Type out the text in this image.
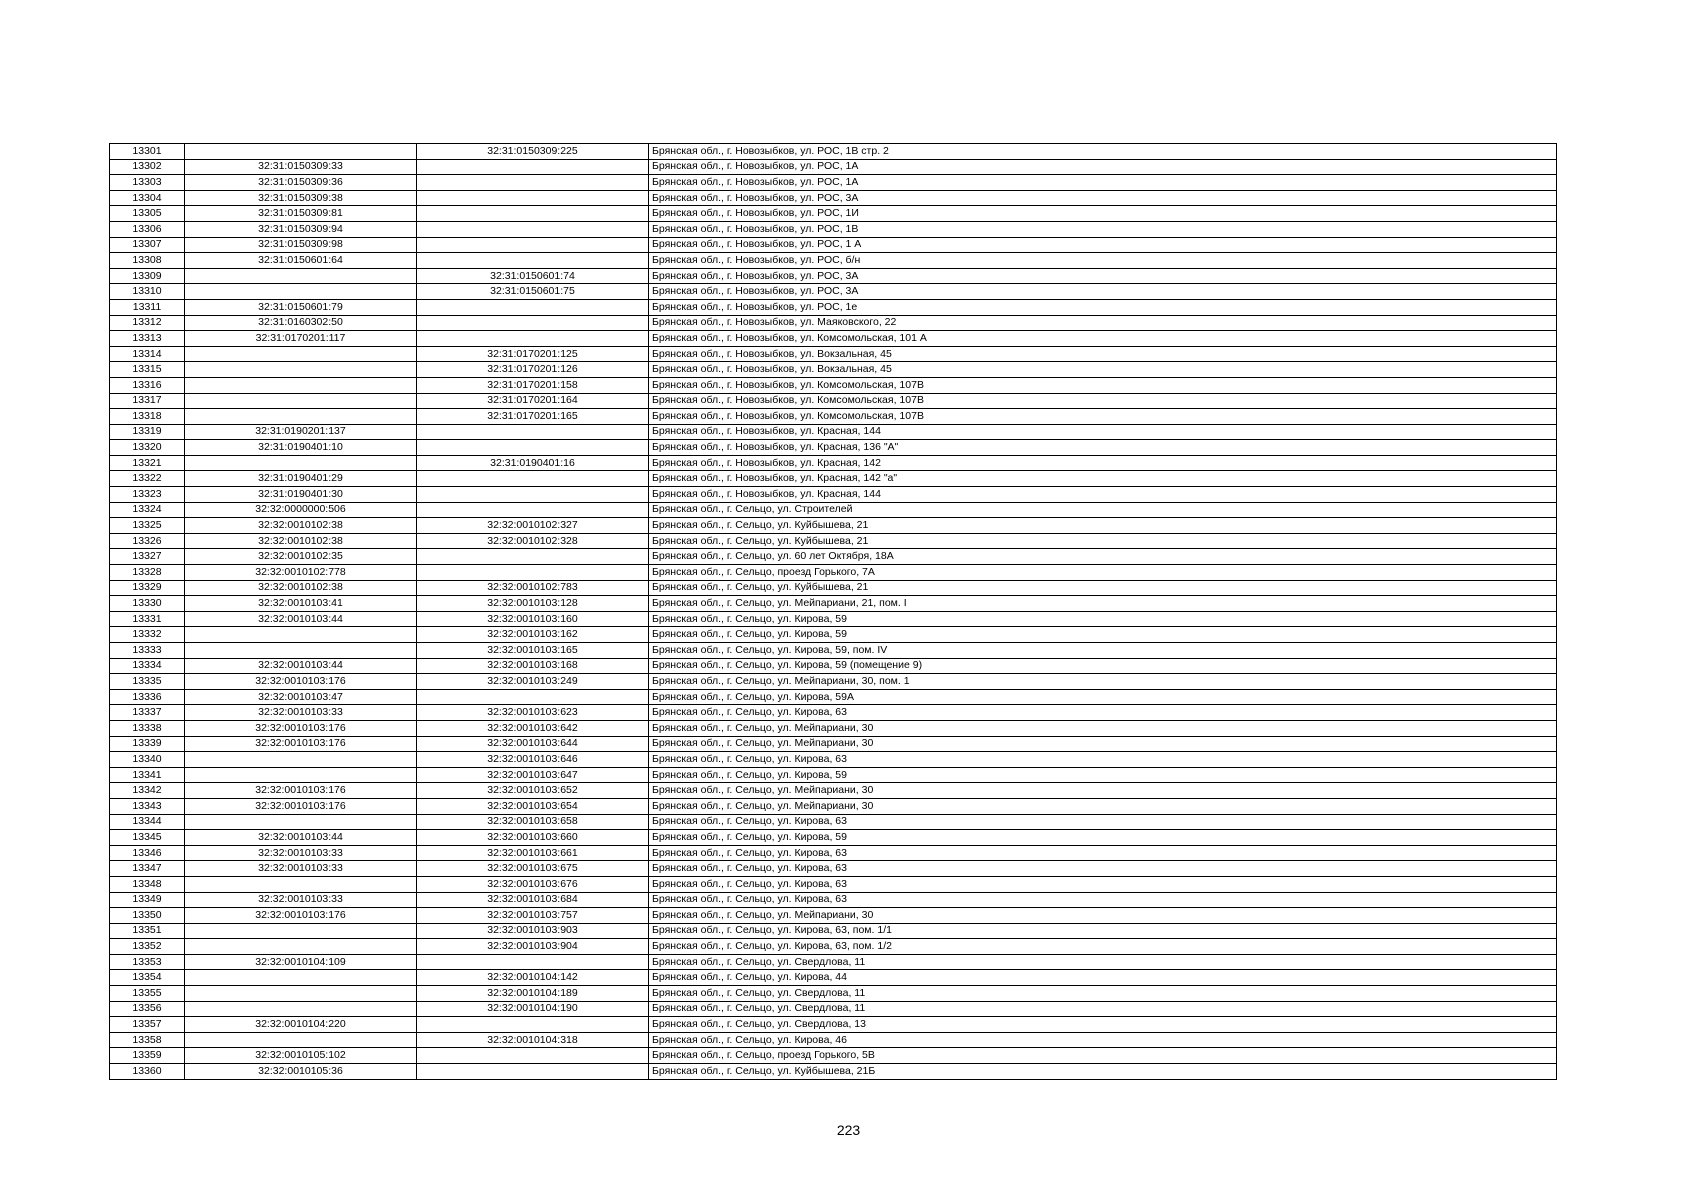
13301		32:31:0150309:225	Брянская обл., г. Новозыбков, ул. РОС, 1В стр. 2
13302	32:31:0150309:33		Брянская обл., г. Новозыбков, ул. РОС, 1А
13303	32:31:0150309:36		Брянская обл., г. Новозыбков, ул. РОС, 1А
13304	32:31:0150309:38		Брянская обл., г. Новозыбков, ул. РОС, 3А
13305	32:31:0150309:81		Брянская обл., г. Новозыбков, ул. РОС, 1И
13306	32:31:0150309:94		Брянская обл., г. Новозыбков, ул. РОС, 1В
13307	32:31:0150309:98		Брянская обл., г. Новозыбков, ул. РОС, 1 А
13308	32:31:0150601:64		Брянская обл., г. Новозыбков, ул. РОС, б/н
13309		32:31:0150601:74	Брянская обл., г. Новозыбков, ул. РОС, 3А
13310		32:31:0150601:75	Брянская обл., г. Новозыбков, ул. РОС, 3А
13311	32:31:0150601:79		Брянская обл., г. Новозыбков, ул. РОС, 1е
13312	32:31:0160302:50		Брянская обл., г. Новозыбков, ул. Маяковского, 22
13313	32:31:0170201:117		Брянская обл., г. Новозыбков, ул. Комсомольская, 101 А
13314		32:31:0170201:125	Брянская обл., г. Новозыбков, ул. Вокзальная, 45
13315		32:31:0170201:126	Брянская обл., г. Новозыбков, ул. Вокзальная, 45
13316		32:31:0170201:158	Брянская обл., г. Новозыбков, ул. Комсомольская, 107В
13317		32:31:0170201:164	Брянская обл., г. Новозыбков, ул. Комсомольская, 107В
13318		32:31:0170201:165	Брянская обл., г. Новозыбков, ул. Комсомольская, 107В
13319	32:31:0190201:137		Брянская обл., г. Новозыбков, ул. Красная, 144
13320	32:31:0190401:10		Брянская обл., г. Новозыбков, ул. Красная, 136 "А"
13321		32:31:0190401:16	Брянская обл., г. Новозыбков, ул. Красная, 142
13322	32:31:0190401:29		Брянская обл., г. Новозыбков, ул. Красная, 142 "а"
13323	32:31:0190401:30		Брянская обл., г. Новозыбков, ул. Красная, 144
13324	32:32:0000000:506		Брянская обл., г. Сельцо, ул. Строителей
13325	32:32:0010102:38	32:32:0010102:327	Брянская обл., г. Сельцо, ул. Куйбышева, 21
13326	32:32:0010102:38	32:32:0010102:328	Брянская обл., г. Сельцо, ул. Куйбышева, 21
13327	32:32:0010102:35		Брянская обл., г. Сельцо, ул. 60 лет Октября, 18А
13328	32:32:0010102:778		Брянская обл., г. Сельцо, проезд Горького, 7А
13329	32:32:0010102:38	32:32:0010102:783	Брянская обл., г. Сельцо, ул. Куйбышева, 21
13330	32:32:0010103:41	32:32:0010103:128	Брянская обл., г. Сельцо, ул. Мейпариани, 21, пом. I
13331	32:32:0010103:44	32:32:0010103:160	Брянская обл., г. Сельцо, ул. Кирова, 59
13332		32:32:0010103:162	Брянская обл., г. Сельцо, ул. Кирова, 59
13333		32:32:0010103:165	Брянская обл., г. Сельцо, ул. Кирова, 59, пом. IV
13334	32:32:0010103:44	32:32:0010103:168	Брянская обл., г. Сельцо, ул. Кирова, 59 (помещение 9)
13335	32:32:0010103:176	32:32:0010103:249	Брянская обл., г. Сельцо, ул. Мейпариани, 30, пом. 1
13336	32:32:0010103:47		Брянская обл., г. Сельцо, ул. Кирова, 59А
13337	32:32:0010103:33	32:32:0010103:623	Брянская обл., г. Сельцо, ул. Кирова, 63
13338	32:32:0010103:176	32:32:0010103:642	Брянская обл., г. Сельцо, ул. Мейпариани, 30
13339	32:32:0010103:176	32:32:0010103:644	Брянская обл., г. Сельцо, ул. Мейпариани, 30
13340		32:32:0010103:646	Брянская обл., г. Сельцо, ул. Кирова, 63
13341		32:32:0010103:647	Брянская обл., г. Сельцо, ул. Кирова, 59
13342	32:32:0010103:176	32:32:0010103:652	Брянская обл., г. Сельцо, ул. Мейпариани, 30
13343	32:32:0010103:176	32:32:0010103:654	Брянская обл., г. Сельцо, ул. Мейпариани, 30
13344		32:32:0010103:658	Брянская обл., г. Сельцо, ул. Кирова, 63
13345	32:32:0010103:44	32:32:0010103:660	Брянская обл., г. Сельцо, ул. Кирова, 59
13346	32:32:0010103:33	32:32:0010103:661	Брянская обл., г. Сельцо, ул. Кирова, 63
13347	32:32:0010103:33	32:32:0010103:675	Брянская обл., г. Сельцо, ул. Кирова, 63
13348		32:32:0010103:676	Брянская обл., г. Сельцо, ул. Кирова, 63
13349	32:32:0010103:33	32:32:0010103:684	Брянская обл., г. Сельцо, ул. Кирова, 63
13350	32:32:0010103:176	32:32:0010103:757	Брянская обл., г. Сельцо, ул. Мейпариани, 30
13351		32:32:0010103:903	Брянская обл., г. Сельцо, ул. Кирова, 63, пом. 1/1
13352		32:32:0010103:904	Брянская обл., г. Сельцо, ул. Кирова, 63, пом. 1/2
13353	32:32:0010104:109		Брянская обл., г. Сельцо, ул. Свердлова, 11
13354		32:32:0010104:142	Брянская обл., г. Сельцо, ул. Кирова, 44
13355		32:32:0010104:189	Брянская обл., г. Сельцо, ул. Свердлова, 11
13356		32:32:0010104:190	Брянская обл., г. Сельцо, ул. Свердлова, 11
13357	32:32:0010104:220		Брянская обл., г. Сельцо, ул. Свердлова, 13
13358		32:32:0010104:318	Брянская обл., г. Сельцо, ул. Кирова, 46
13359	32:32:0010105:102		Брянская обл., г. Сельцо, проезд Горького, 5В
13360	32:32:0010105:36		Брянская обл., г. Сельцо, ул. Куйбышева, 21Б
223
